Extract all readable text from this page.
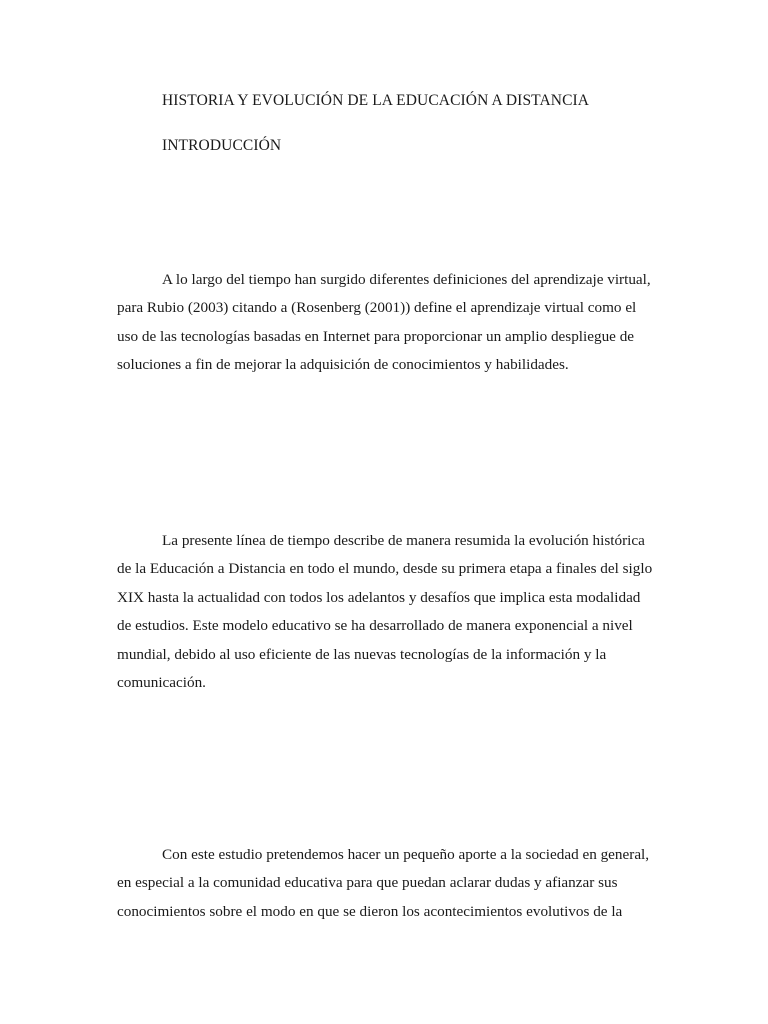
HISTORIA Y EVOLUCIÓN DE LA EDUCACIÓN A DISTANCIA
INTRODUCCIÓN

A lo largo del tiempo han surgido diferentes definiciones del aprendizaje virtual,
para Rubio (2003) citando a (Rosenberg (2001)) define el aprendizaje virtual como el
uso de las tecnologías basadas en Internet para proporcionar un amplio despliegue de
soluciones a fin de mejorar la adquisición de conocimientos y habilidades.

La presente línea de tiempo describe de manera resumida la evolución histórica
de la Educación a Distancia en todo el mundo, desde su primera etapa a finales del siglo
XIX hasta la actualidad con todos los adelantos y desafíos que implica esta modalidad
de estudios. Este modelo educativo se ha desarrollado de manera exponencial a nivel
mundial, debido al uso eficiente de las nuevas tecnologías de la información y la
comunicación.

Con este estudio pretendemos hacer un pequeño aporte a la sociedad en general,
en especial a la comunidad educativa para que puedan aclarar dudas y afianzar sus
conocimientos sobre el modo en que se dieron los acontecimientos evolutivos de la
